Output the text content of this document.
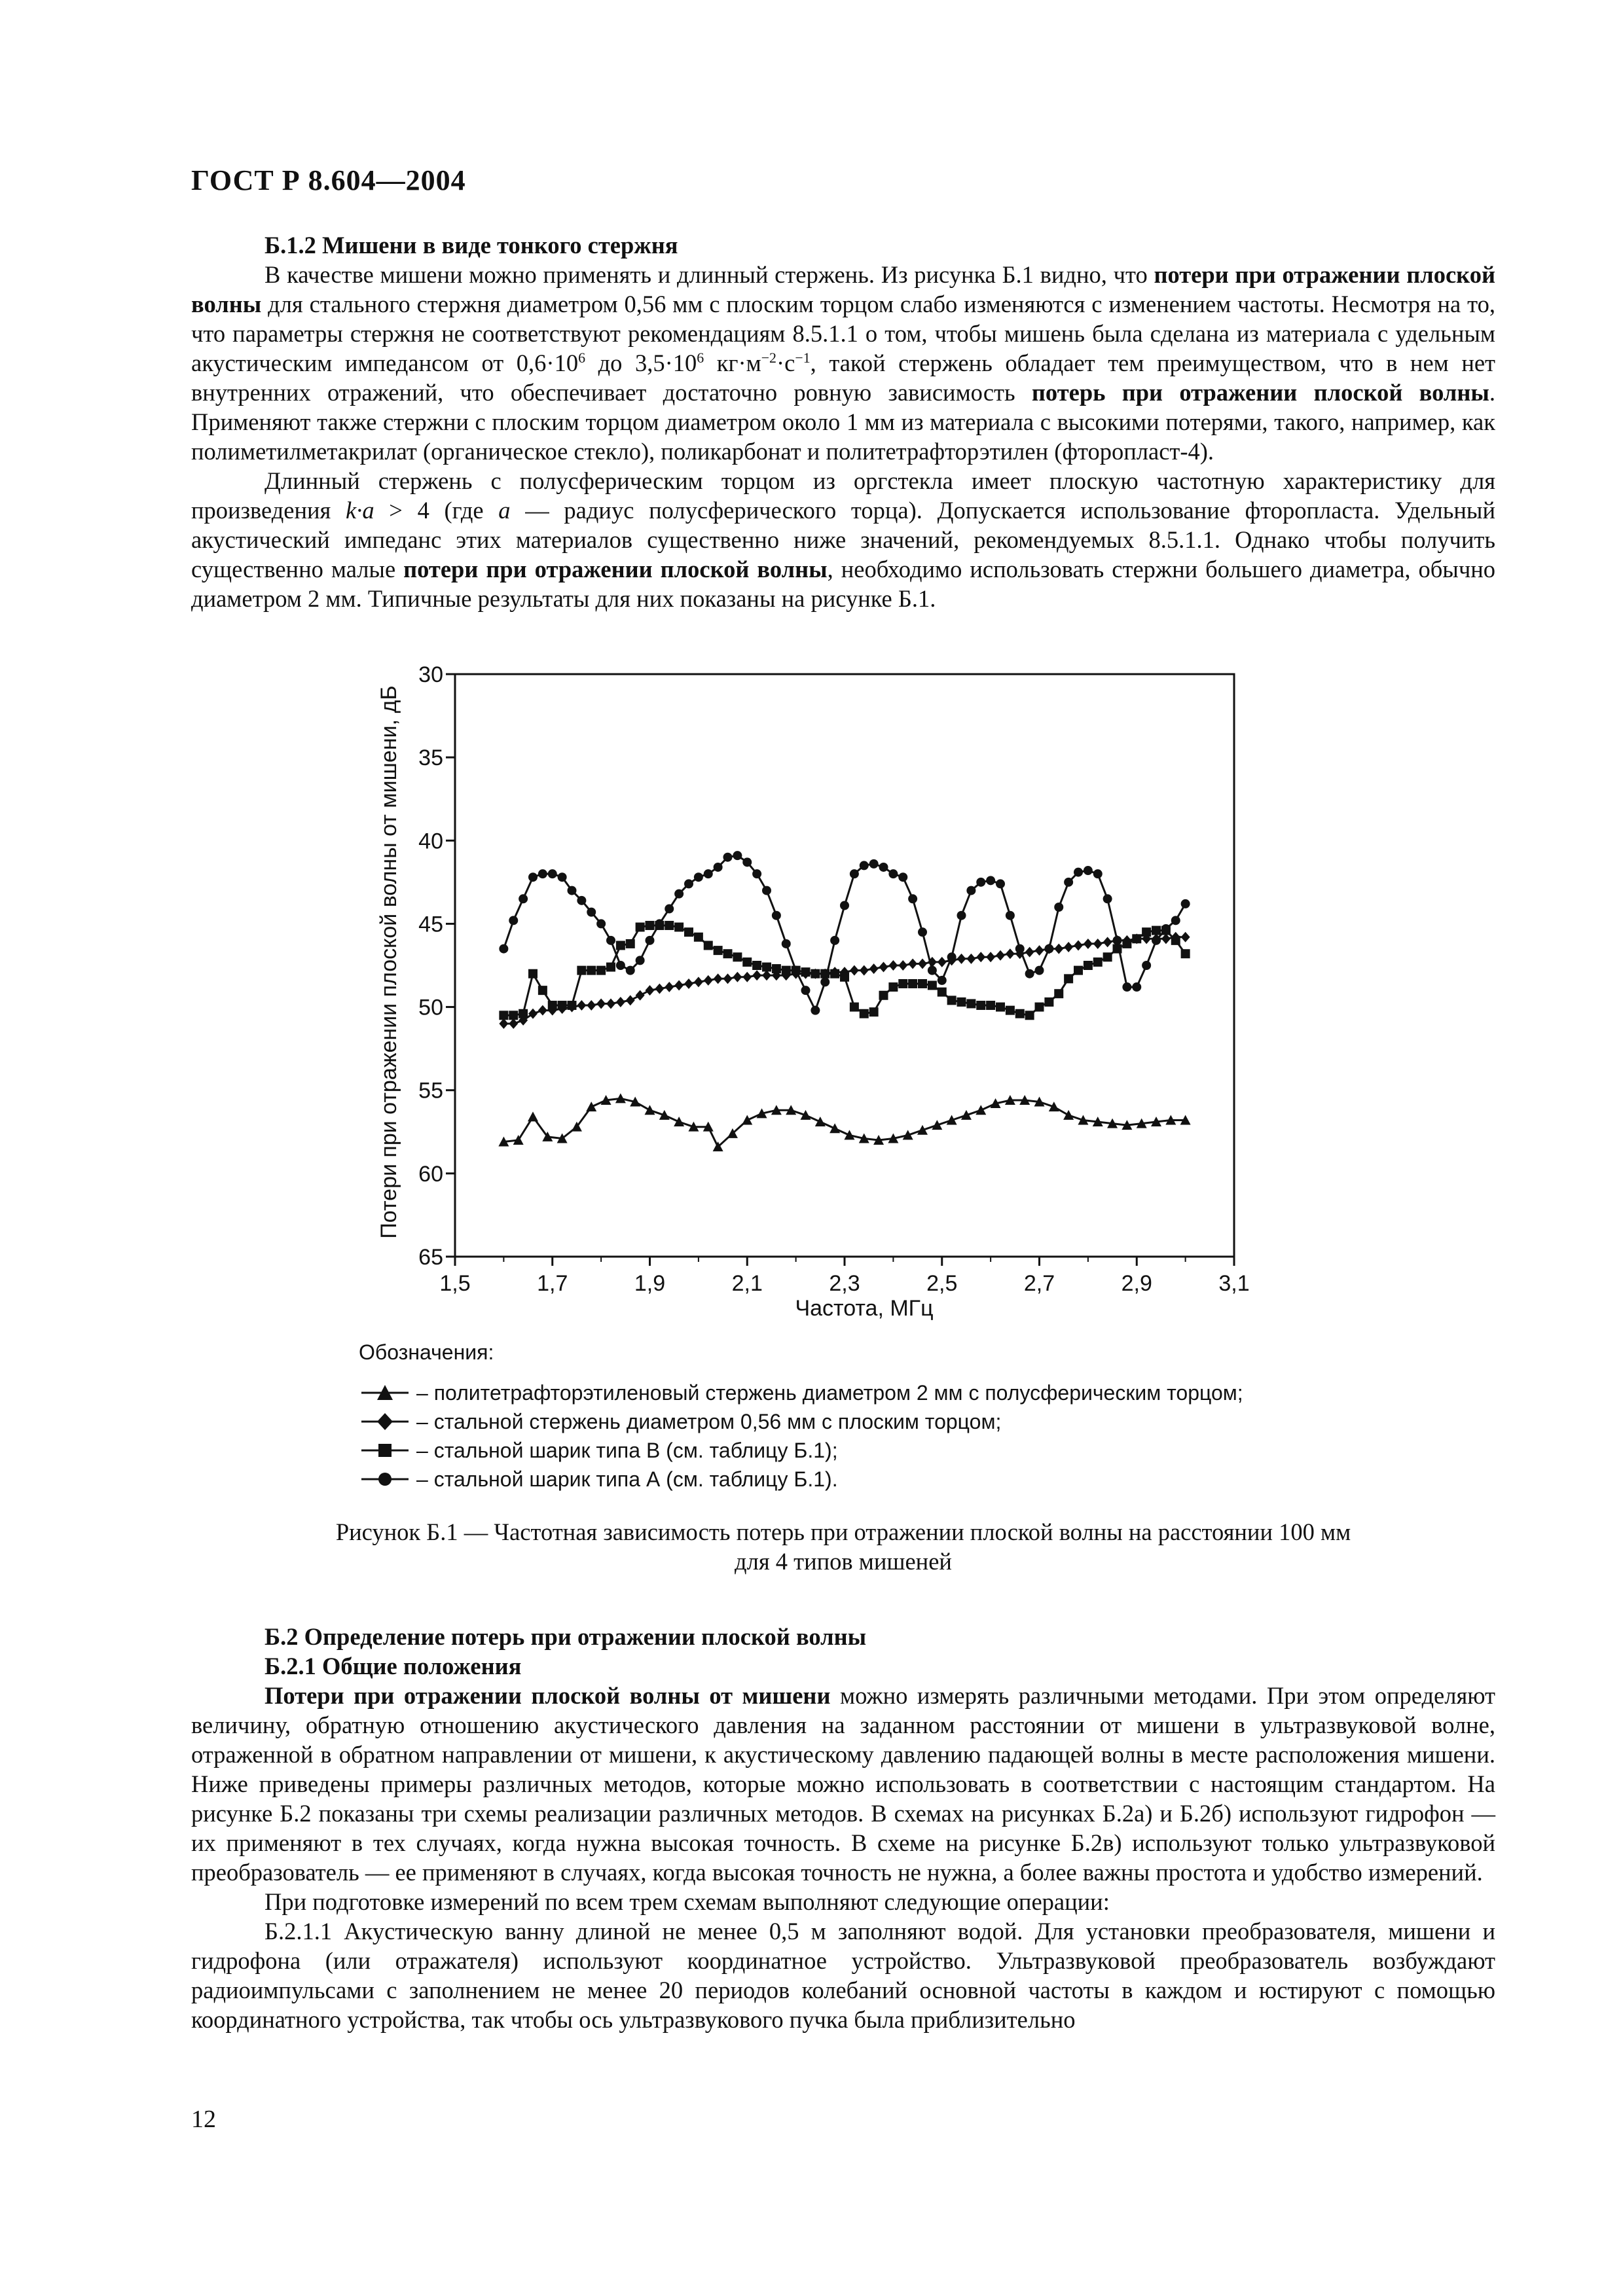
ГОСТ Р 8.604—2004
Б.1.2 Мишени в виде тонкого стержня

В качестве мишени можно применять и длинный стержень. Из рисунка Б.1 видно, что потери при отражении плоской волны для стального стержня диаметром 0,56 мм с плоским торцом слабо изменяются с изменением частоты. Несмотря на то, что параметры стержня не соответствуют рекомендациям 8.5.1.1 о том, чтобы мишень была сделана из материала с удельным акустическим импедансом от $0,6\cdot 10^6$ до $3,5\cdot 10^6$ $кг\cdot м^{-2}\cdot с^{-1}$, такой стержень обладает тем преимуществом, что в нем нет внутренних отражений, что обеспечивает достаточно ровную зависимость потерь при отражении плоской волны. Применяют также стержни с плоским торцом диаметром около 1 мм из материала с высокими потерями, такого, например, как полиметилметакрилат (органическое стекло), поликарбонат и политетрафторэтилен (фторопласт-4).

Длинный стержень с полусферическим торцом из оргстекла имеет плоскую частотную характеристику для произведения k·a > 4 (где a — радиус полусферического торца). Допускается использование фторопласта. Удельный акустический импеданс этих материалов существенно ниже значений, рекомендуемых 8.5.1.1. Однако чтобы получить существенно малые потери при отражении плоской волны, необходимо использовать стержни большего диаметра, обычно диаметром 2 мм. Типичные результаты для них показаны на рисунке Б.1.

1,5	1,7	1,9	2,1	2,3	2,5	2,7	2,9	3,1
30
35
40
45
50
55
60
65
Частота, МГц
Потери при отражении плоской волны от мишени, дБ
Обозначения:
– политетрафторэтиленовый стержень диаметром 2 мм с полусферическим торцом;
– стальной стержень диаметром 0,56 мм с плоским торцом;
– стальной шарик типа В (см. таблицу Б.1);
– стальной шарик типа А (см. таблицу Б.1).
Рисунок Б.1 — Частотная зависимость потерь при отражении плоской волны на расстоянии 100 мм
для 4 типов мишеней
Б.2 Определение потерь при отражении плоской волны
Б.2.1 Общие положения

Потери при отражении плоской волны от мишени можно измерять различными методами. При этом определяют величину, обратную отношению акустического давления на заданном расстоянии от мишени в ультразвуковой волне, отраженной в обратном направлении от мишени, к акустическому давлению падающей волны в месте расположения мишени. Ниже приведены примеры различных методов, которые можно использовать в соответствии с настоящим стандартом. На рисунке Б.2 показаны три схемы реализации различных методов. В схемах на рисунках Б.2а) и Б.2б) используют гидрофон — их применяют в тех случаях, когда нужна высокая точность. В схеме на рисунке Б.2в) используют только ультразвуковой преобразователь — ее применяют в случаях, когда высокая точность не нужна, а более важны простота и удобство измерений.

При подготовке измерений по всем трем схемам выполняют следующие операции:

Б.2.1.1 Акустическую ванну длиной не менее 0,5 м заполняют водой. Для установки преобразователя, мишени и гидрофона (или отражателя) используют координатное устройство. Ультразвуковой преобразователь возбуждают радиоимпульсами с заполнением не менее 20 периодов колебаний основной частоты в каждом и юстируют с помощью координатного устройства, так чтобы ось ультразвукового пучка была приблизительно

12
